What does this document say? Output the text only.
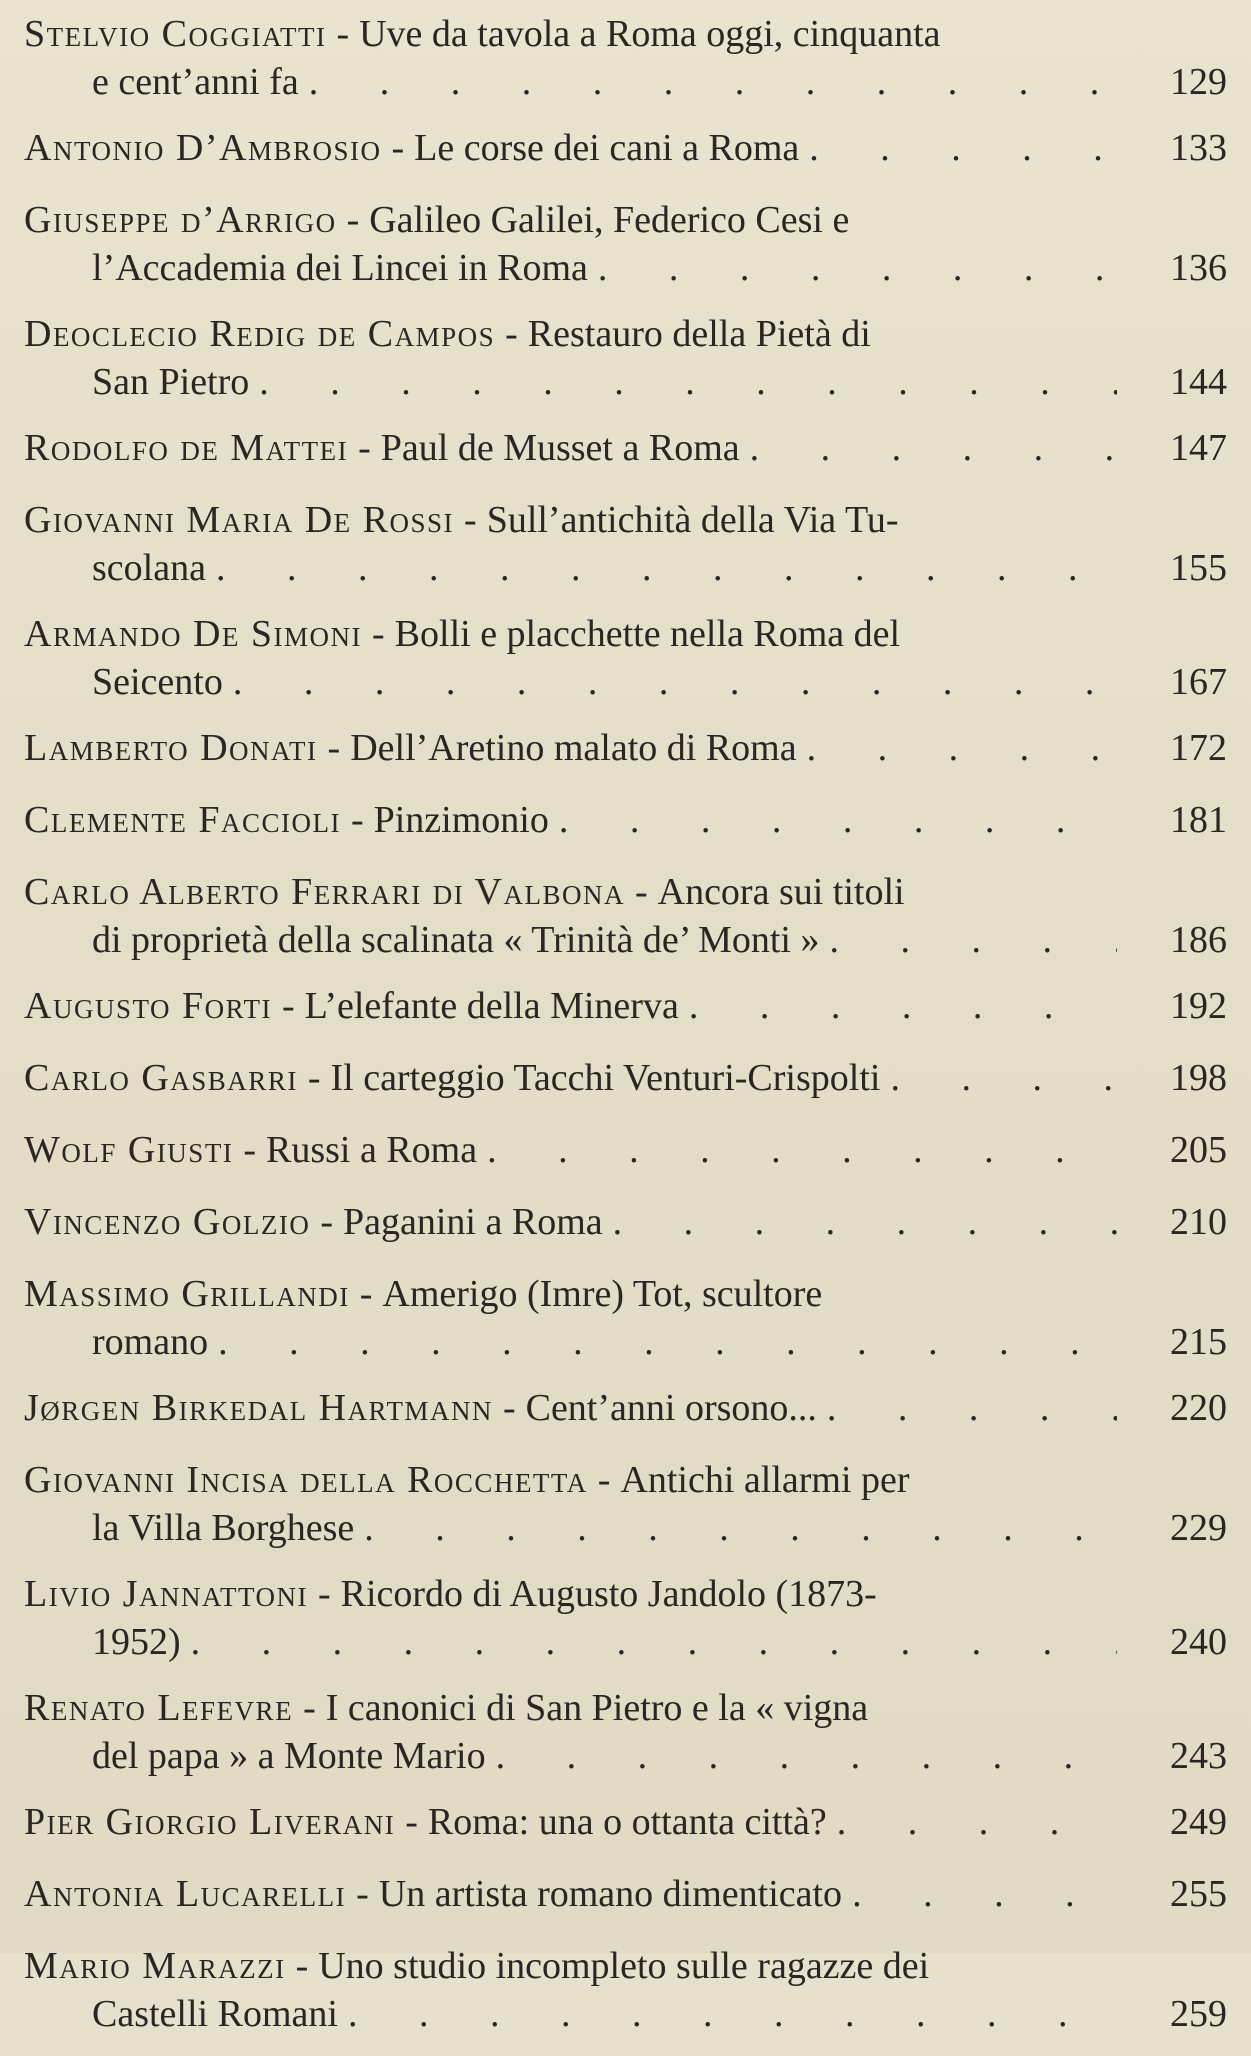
Stelvio Coggiatti - Uve da tavola a Roma oggi, cinquanta
e cent’anni fa . . .	129
Antonio D’Ambrosio - Le corse dei cani a Roma . . .	133
Giuseppe d’Arrigo - Galileo Galilei, Federico Cesi e
l’Accademia dei Lincei in Roma . . .	136
Deoclecio Redig de Campos - Restauro della Pietà di
San Pietro . . .	144
Rodolfo de Mattei - Paul de Musset a Roma . . .	147
Giovanni Maria De Rossi - Sull’antichità della Via Tu-
scolana . . .	155
Armando De Simoni - Bolli e placchette nella Roma del
Seicento . . .	167
Lamberto Donati - Dell’Aretino malato di Roma . . .	172
Clemente Faccioli - Pinzimonio . . .	181
Carlo Alberto Ferrari di Valbona - Ancora sui titoli
di proprietà della scalinata « Trinità de’ Monti » . . .	186
Augusto Forti - L’elefante della Minerva . . .	192
Carlo Gasbarri - Il carteggio Tacchi Venturi-Crispolti . . .	198
Wolf Giusti - Russi a Roma . . .	205
Vincenzo Golzio - Paganini a Roma . . .	210
Massimo Grillandi - Amerigo (Imre) Tot, scultore
romano . . .	215
Jørgen Birkedal Hartmann - Cent’anni orsono... . . .	220
Giovanni Incisa della Rocchetta - Antichi allarmi per
la Villa Borghese . . .	229
Livio Jannattoni - Ricordo di Augusto Jandolo (1873-
1952) . . .	240
Renato Lefevre - I canonici di San Pietro e la « vigna
del papa » a Monte Mario . . .	243
Pier Giorgio Liverani - Roma: una o ottanta città? . . .	249
Antonia Lucarelli - Un artista romano dimenticato . . .	255
Mario Marazzi - Uno studio incompleto sulle ragazze dei
Castelli Romani . . .	259
